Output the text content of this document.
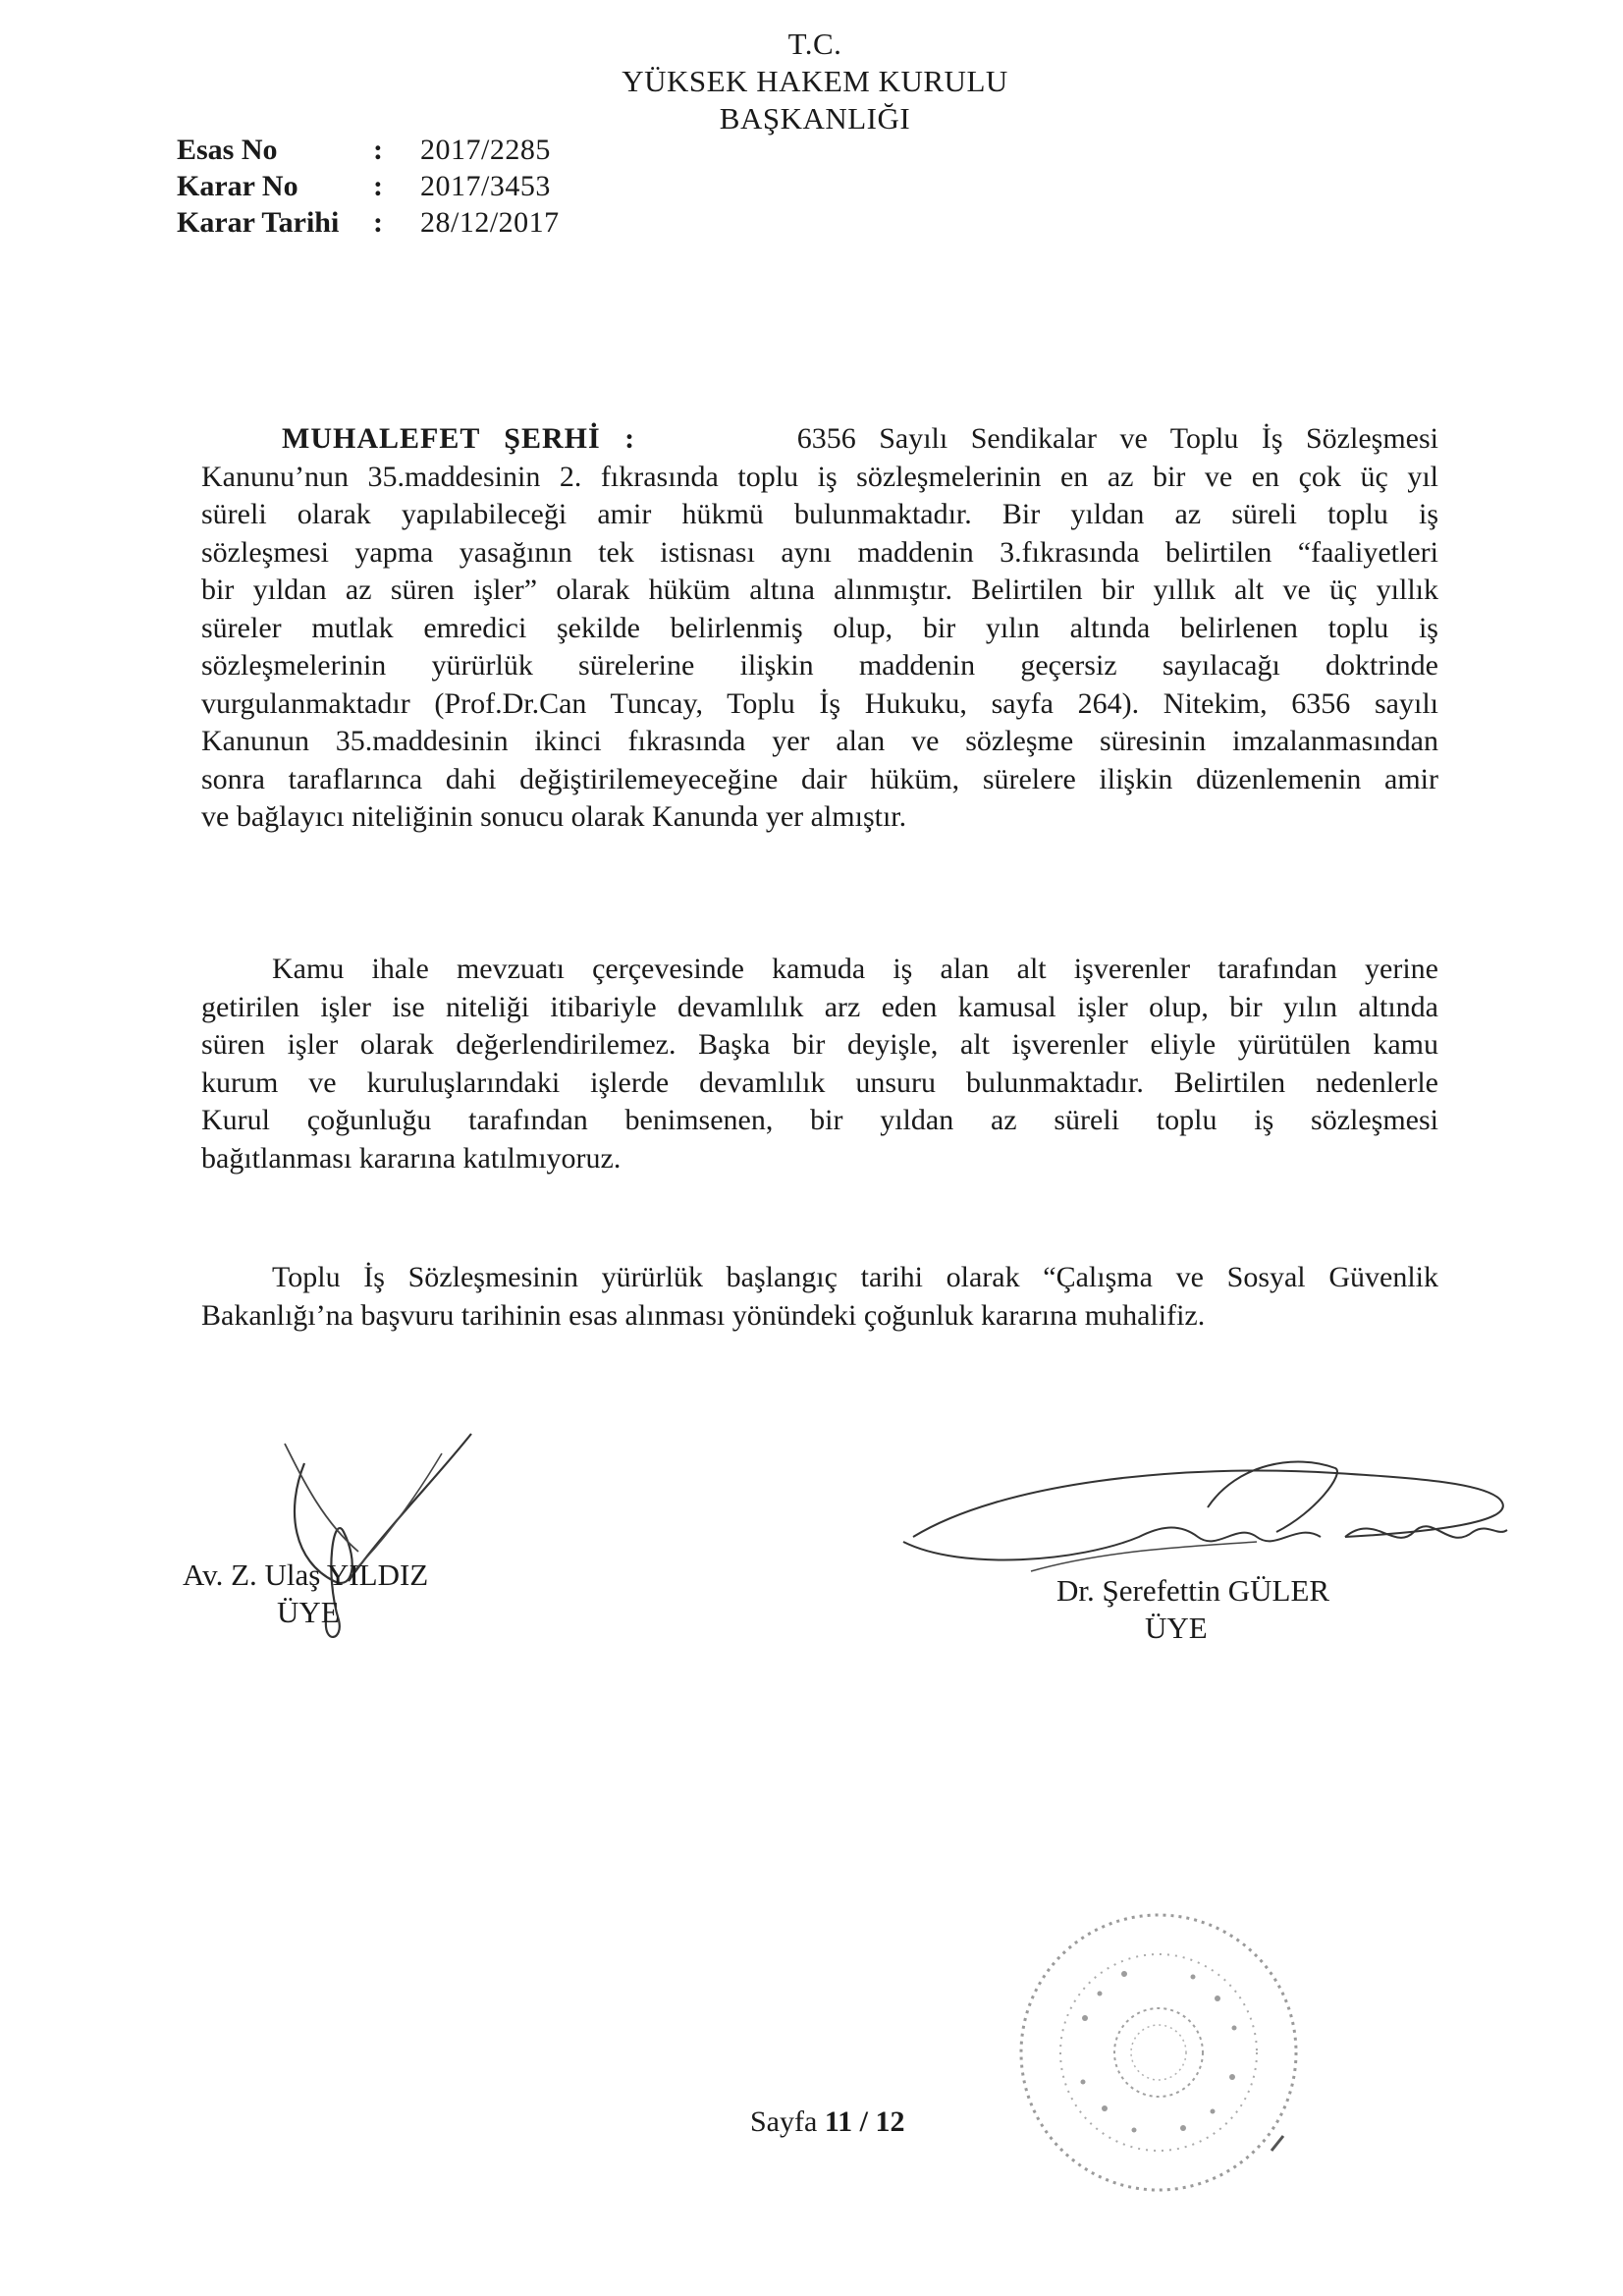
T.C.
YÜKSEK HAKEM KURULU
BAŞKANLIĞI
Esas No	:	2017/2285
Karar No	:	2017/3453
Karar Tarihi	:	28/12/2017
MUHALEFET ŞERHİ :	6356 Sayılı Sendikalar ve Toplu İş Sözleşmesi
Kanunu’nun 35.maddesinin 2. fıkrasında toplu iş sözleşmelerinin en az bir ve en çok üç yıl
süreli olarak yapılabileceği amir hükmü bulunmaktadır. Bir yıldan az süreli toplu iş
sözleşmesi yapma yasağının tek istisnası aynı maddenin 3.fıkrasında belirtilen “faaliyetleri
bir yıldan az süren işler” olarak hüküm altına alınmıştır. Belirtilen bir yıllık alt ve üç yıllık
süreler mutlak emredici şekilde belirlenmiş olup, bir yılın altında belirlenen toplu iş
sözleşmelerinin yürürlük sürelerine ilişkin maddenin geçersiz sayılacağı doktrinde
vurgulanmaktadır (Prof.Dr.Can Tuncay, Toplu İş Hukuku, sayfa 264). Nitekim, 6356 sayılı
Kanunun 35.maddesinin ikinci fıkrasında yer alan ve sözleşme süresinin imzalanmasından
sonra taraflarınca dahi değiştirilemeyeceğine dair hüküm, sürelere ilişkin düzenlemenin amir
ve bağlayıcı niteliğinin sonucu olarak Kanunda yer almıştır.
Kamu ihale mevzuatı çerçevesinde kamuda iş alan alt işverenler tarafından yerine
getirilen işler ise niteliği itibariyle devamlılık arz eden kamusal işler olup, bir yılın altında
süren işler olarak değerlendirilemez. Başka bir deyişle, alt işverenler eliyle yürütülen kamu
kurum ve kuruluşlarındaki işlerde devamlılık unsuru bulunmaktadır. Belirtilen nedenlerle
Kurul çoğunluğu tarafından benimsenen, bir yıldan az süreli toplu iş sözleşmesi
bağıtlanması kararına katılmıyoruz.
Toplu İş Sözleşmesinin yürürlük başlangıç tarihi olarak “Çalışma ve Sosyal Güvenlik
Bakanlığı’na başvuru tarihinin esas alınması yönündeki çoğunluk kararına muhalifiz.
Av. Z. Ulaş YILDIZ
ÜYE
Dr. Şerefettin GÜLER
ÜYE
Sayfa 11 / 12
